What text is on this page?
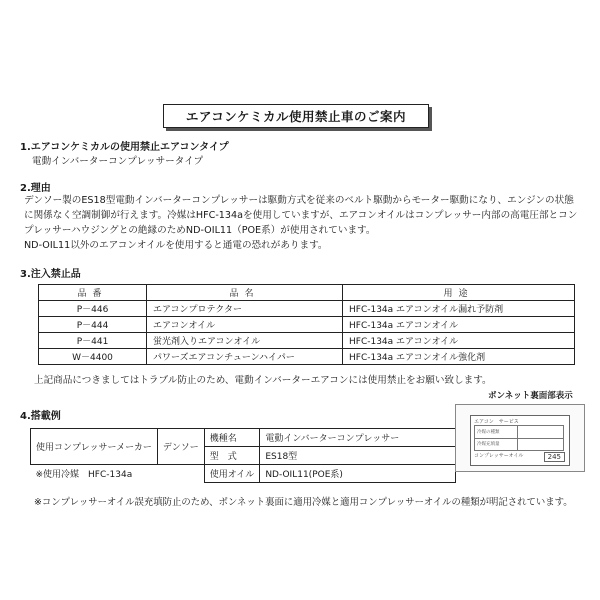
エアコンケミカル使用禁止車のご案内
1.エアコンケミカルの使用禁止エアコンタイプ
電動インバーターコンプレッサータイプ
2.理由
デンソー製のES18型電動インバーターコンプレッサーは駆動方式を従来のベルト駆動からモーター駆動になり、エンジンの状態
に関係なく空調制御が行えます。冷媒はHFC-134aを使用していますが、エアコンオイルはコンプレッサー内部の高電圧部とコン
プレッサーハウジングとの絶縁のためND-OIL11（POE系）が使用されています。
ND-OIL11以外のエアコンオイルを使用すると通電の恐れがあります。
3.注入禁止品
品番	品名	用途
P－446	エアコンプロテクター	HFC-134a エアコンオイル漏れ予防剤
P－444	エアコンオイル	HFC-134a エアコンオイル
P－441	蛍光剤入りエアコンオイル	HFC-134a エアコンオイル
W－4400	パワーズエアコンチューンハイパー	HFC-134a エアコンオイル強化剤
上記商品につきましてはトラブル防止のため、電動インバーターエアコンには使用禁止をお願い致します。
4.搭載例
使用コンプレッサーメーカー	デンソー	機種名	電動インバーターコンプレッサー
		型　式	ES18型
※使用冷媒　HFC-134a		使用オイル	ND-OIL11(POE系)
ボンネット裏面部表示
エアコン　サービス
冷媒の種類
冷媒充填量
コンプレッサーオイル	245
※コンプレッサーオイル誤充填防止のため、ボンネット裏面に適用冷媒と適用コンプレッサーオイルの種類が明記されています。
